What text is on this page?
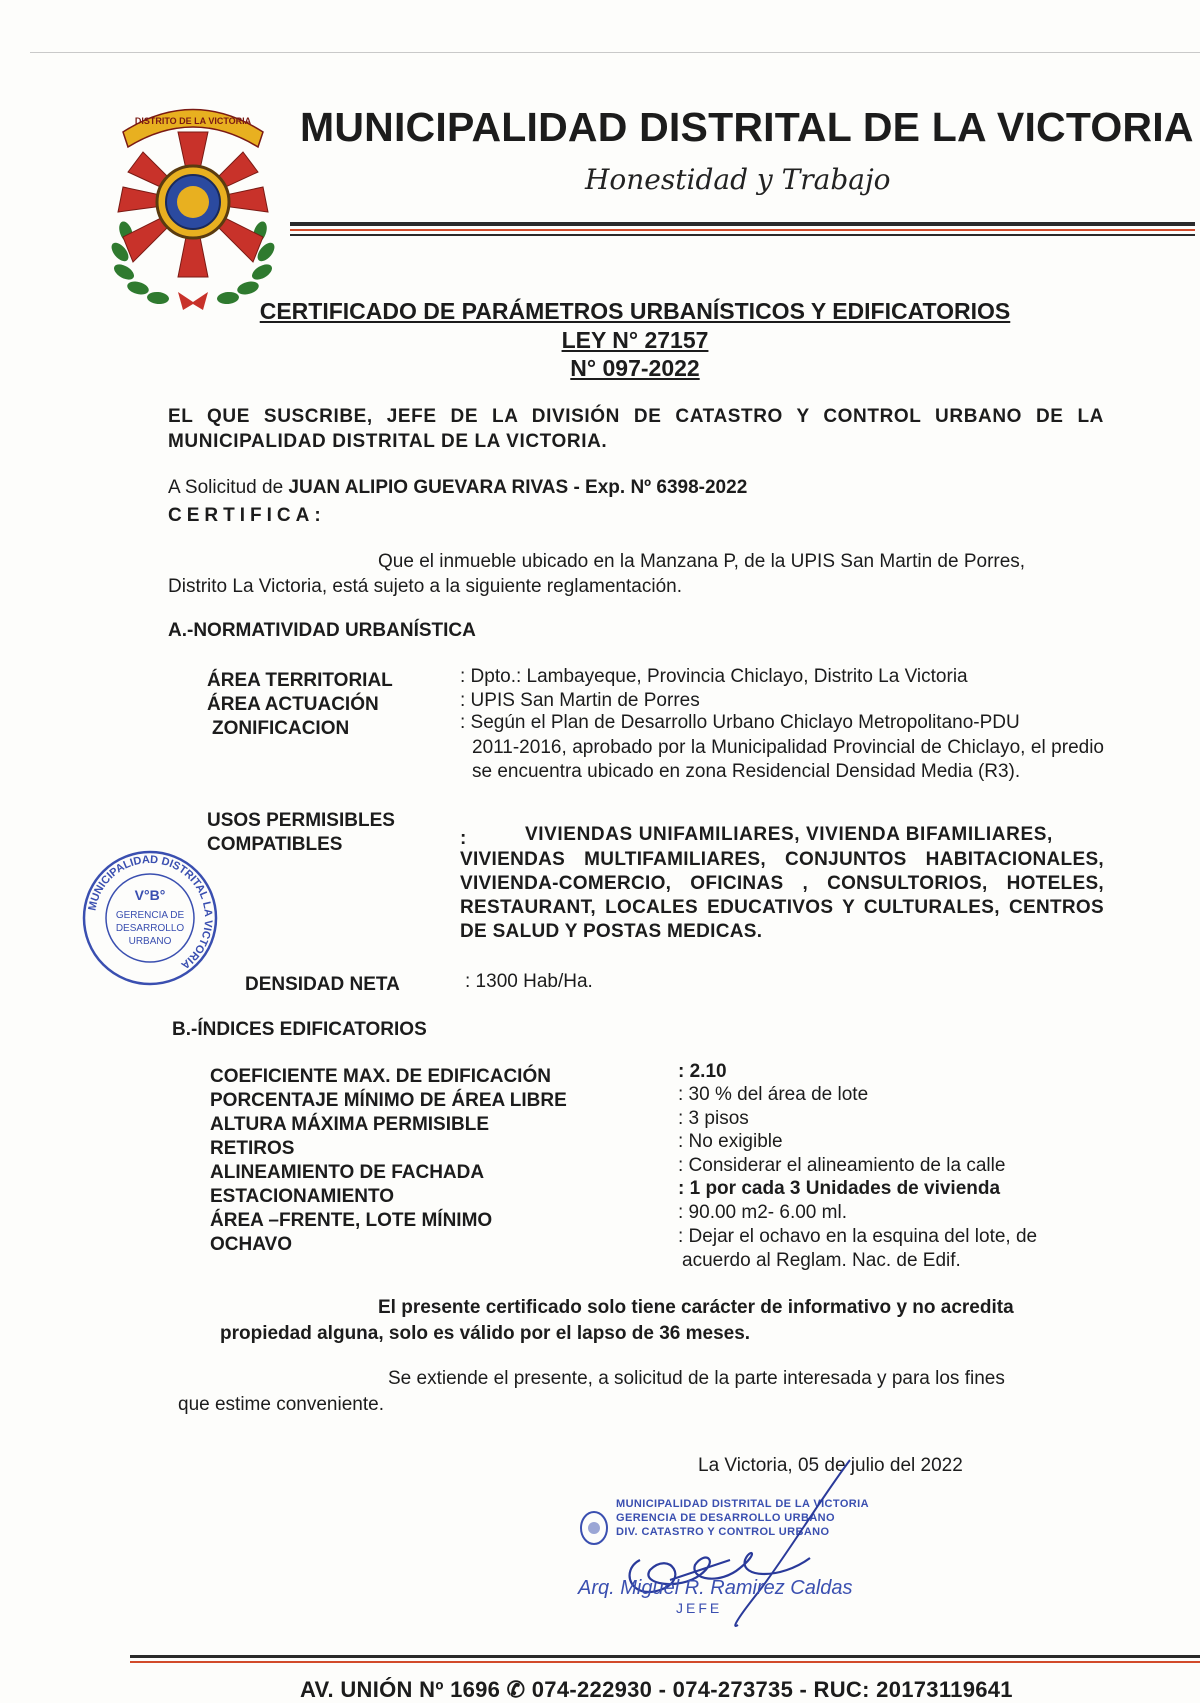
DISTRITO DE LA VICTORIA MUNICIPALIDAD DISTRITAL DE LA VICTORIA
Honestidad y Trabajo
CERTIFICADO DE PARÁMETROS URBANÍSTICOS Y EDIFICATORIOS
LEY N° 27157
N° 097-2022
EL QUE SUSCRIBE, JEFE DE LA DIVISIÓN DE CATASTRO Y CONTROL URBANO DE LA MUNICIPALIDAD DISTRITAL DE LA VICTORIA.
A Solicitud de JUAN ALIPIO GUEVARA RIVAS - Exp. Nº 6398-2022
CERTIFICA:
Que el inmueble ubicado en la Manzana P, de la UPIS San Martin de Porres,
Distrito La Victoria, está sujeto a la siguiente reglamentación.
A.-NORMATIVIDAD URBANÍSTICA
ÁREA TERRITORIAL	: Dpto.: Lambayeque, Provincia Chiclayo, Distrito La Victoria
ÁREA ACTUACIÓN	: UPIS San Martin de Porres
ZONIFICACION	: Según el Plan de Desarrollo Urbano Chiclayo Metropolitano-PDU
2011-2016, aprobado por la Municipalidad Provincial de Chiclayo, el predio se encuentra ubicado en zona Residencial Densidad Media (R3).
USOS PERMISIBLES
COMPATIBLES	:	VIVIENDAS UNIFAMILIARES, VIVIENDA BIFAMILIARES,
VIVIENDAS MULTIFAMILIARES, CONJUNTOS HABITACIONALES, VIVIENDA-COMERCIO, OFICINAS , CONSULTORIOS, HOTELES, RESTAURANT, LOCALES EDUCATIVOS Y CULTURALES, CENTROS DE SALUD Y POSTAS MEDICAS.
MUNICIPALIDAD DISTRITAL LA VICTORIA
V°B°
GERENCIA DE
DESARROLLO
URBANO
DENSIDAD NETA	: 1300 Hab/Ha.
B.-ÍNDICES EDIFICATORIOS
COEFICIENTE MAX. DE EDIFICACIÓN	: 2.10
PORCENTAJE MÍNIMO DE ÁREA LIBRE	: 30 % del área de lote
ALTURA MÁXIMA PERMISIBLE	: 3 pisos
RETIROS	: No exigible
ALINEAMIENTO DE FACHADA	: Considerar el alineamiento de la calle
ESTACIONAMIENTO	: 1 por cada 3 Unidades de vivienda
ÁREA –FRENTE, LOTE MÍNIMO	: 90.00 m2- 6.00 ml.
OCHAVO	: Dejar el ochavo en la esquina del lote, de
acuerdo al Reglam. Nac. de Edif.
El presente certificado solo tiene carácter de informativo y no acredita
propiedad alguna, solo es válido por el lapso de 36 meses.
Se extiende el presente, a solicitud de la parte interesada y para los fines
que estime conveniente.
La Victoria, 05 de julio del 2022
MUNICIPALIDAD DISTRITAL DE LA VICTORIA
GERENCIA DE DESARROLLO URBANO
DIV. CATASTRO Y CONTROL URBANO
Arq. Miguel R. Ramirez Caldas
JEFE
AV. UNIÓN Nº 1696 ✆ 074-222930 - 074-273735 - RUC: 20173119641
